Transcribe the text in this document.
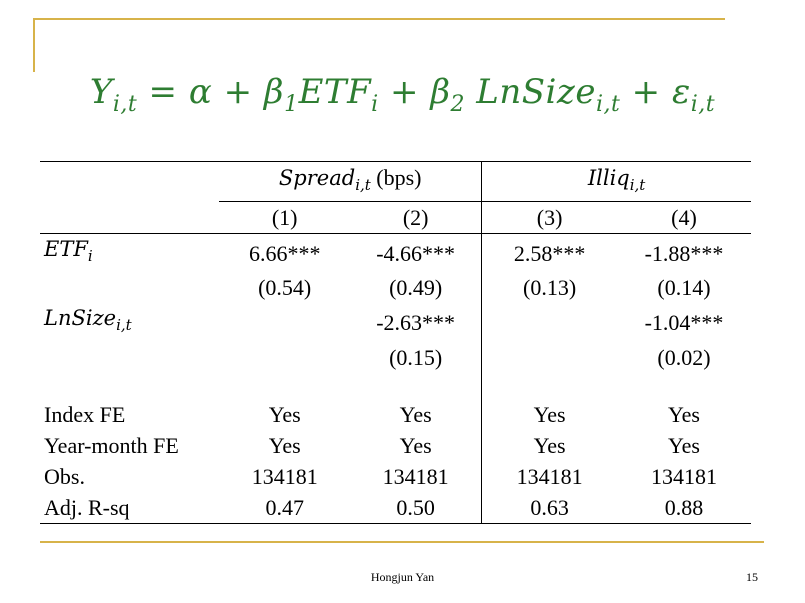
$Y_{i,t} = \alpha + \beta_1ETF_i + \beta_2$ LnSize$_{i,t}$ + $\varepsilon_{i,t}$
	Spread$_{i,t}$ (bps)		Illiq$_{i,t}$
	(1)	(2)	(3)	(4)
$ETF_i$	6.66***	-4.66***	2.58***	-1.88***
	(0.54)	(0.49)	(0.13)	(0.14)
LnSize$_{i,t}$		-2.63***		-1.04***
		(0.15)		(0.02)

Index FE	Yes	Yes	Yes	Yes
Year-month FE	Yes	Yes	Yes	Yes
Obs.	134181	134181	134181	134181
Adj. R-sq	0.47	0.50	0.63	0.88
Hongjun Yan	15
